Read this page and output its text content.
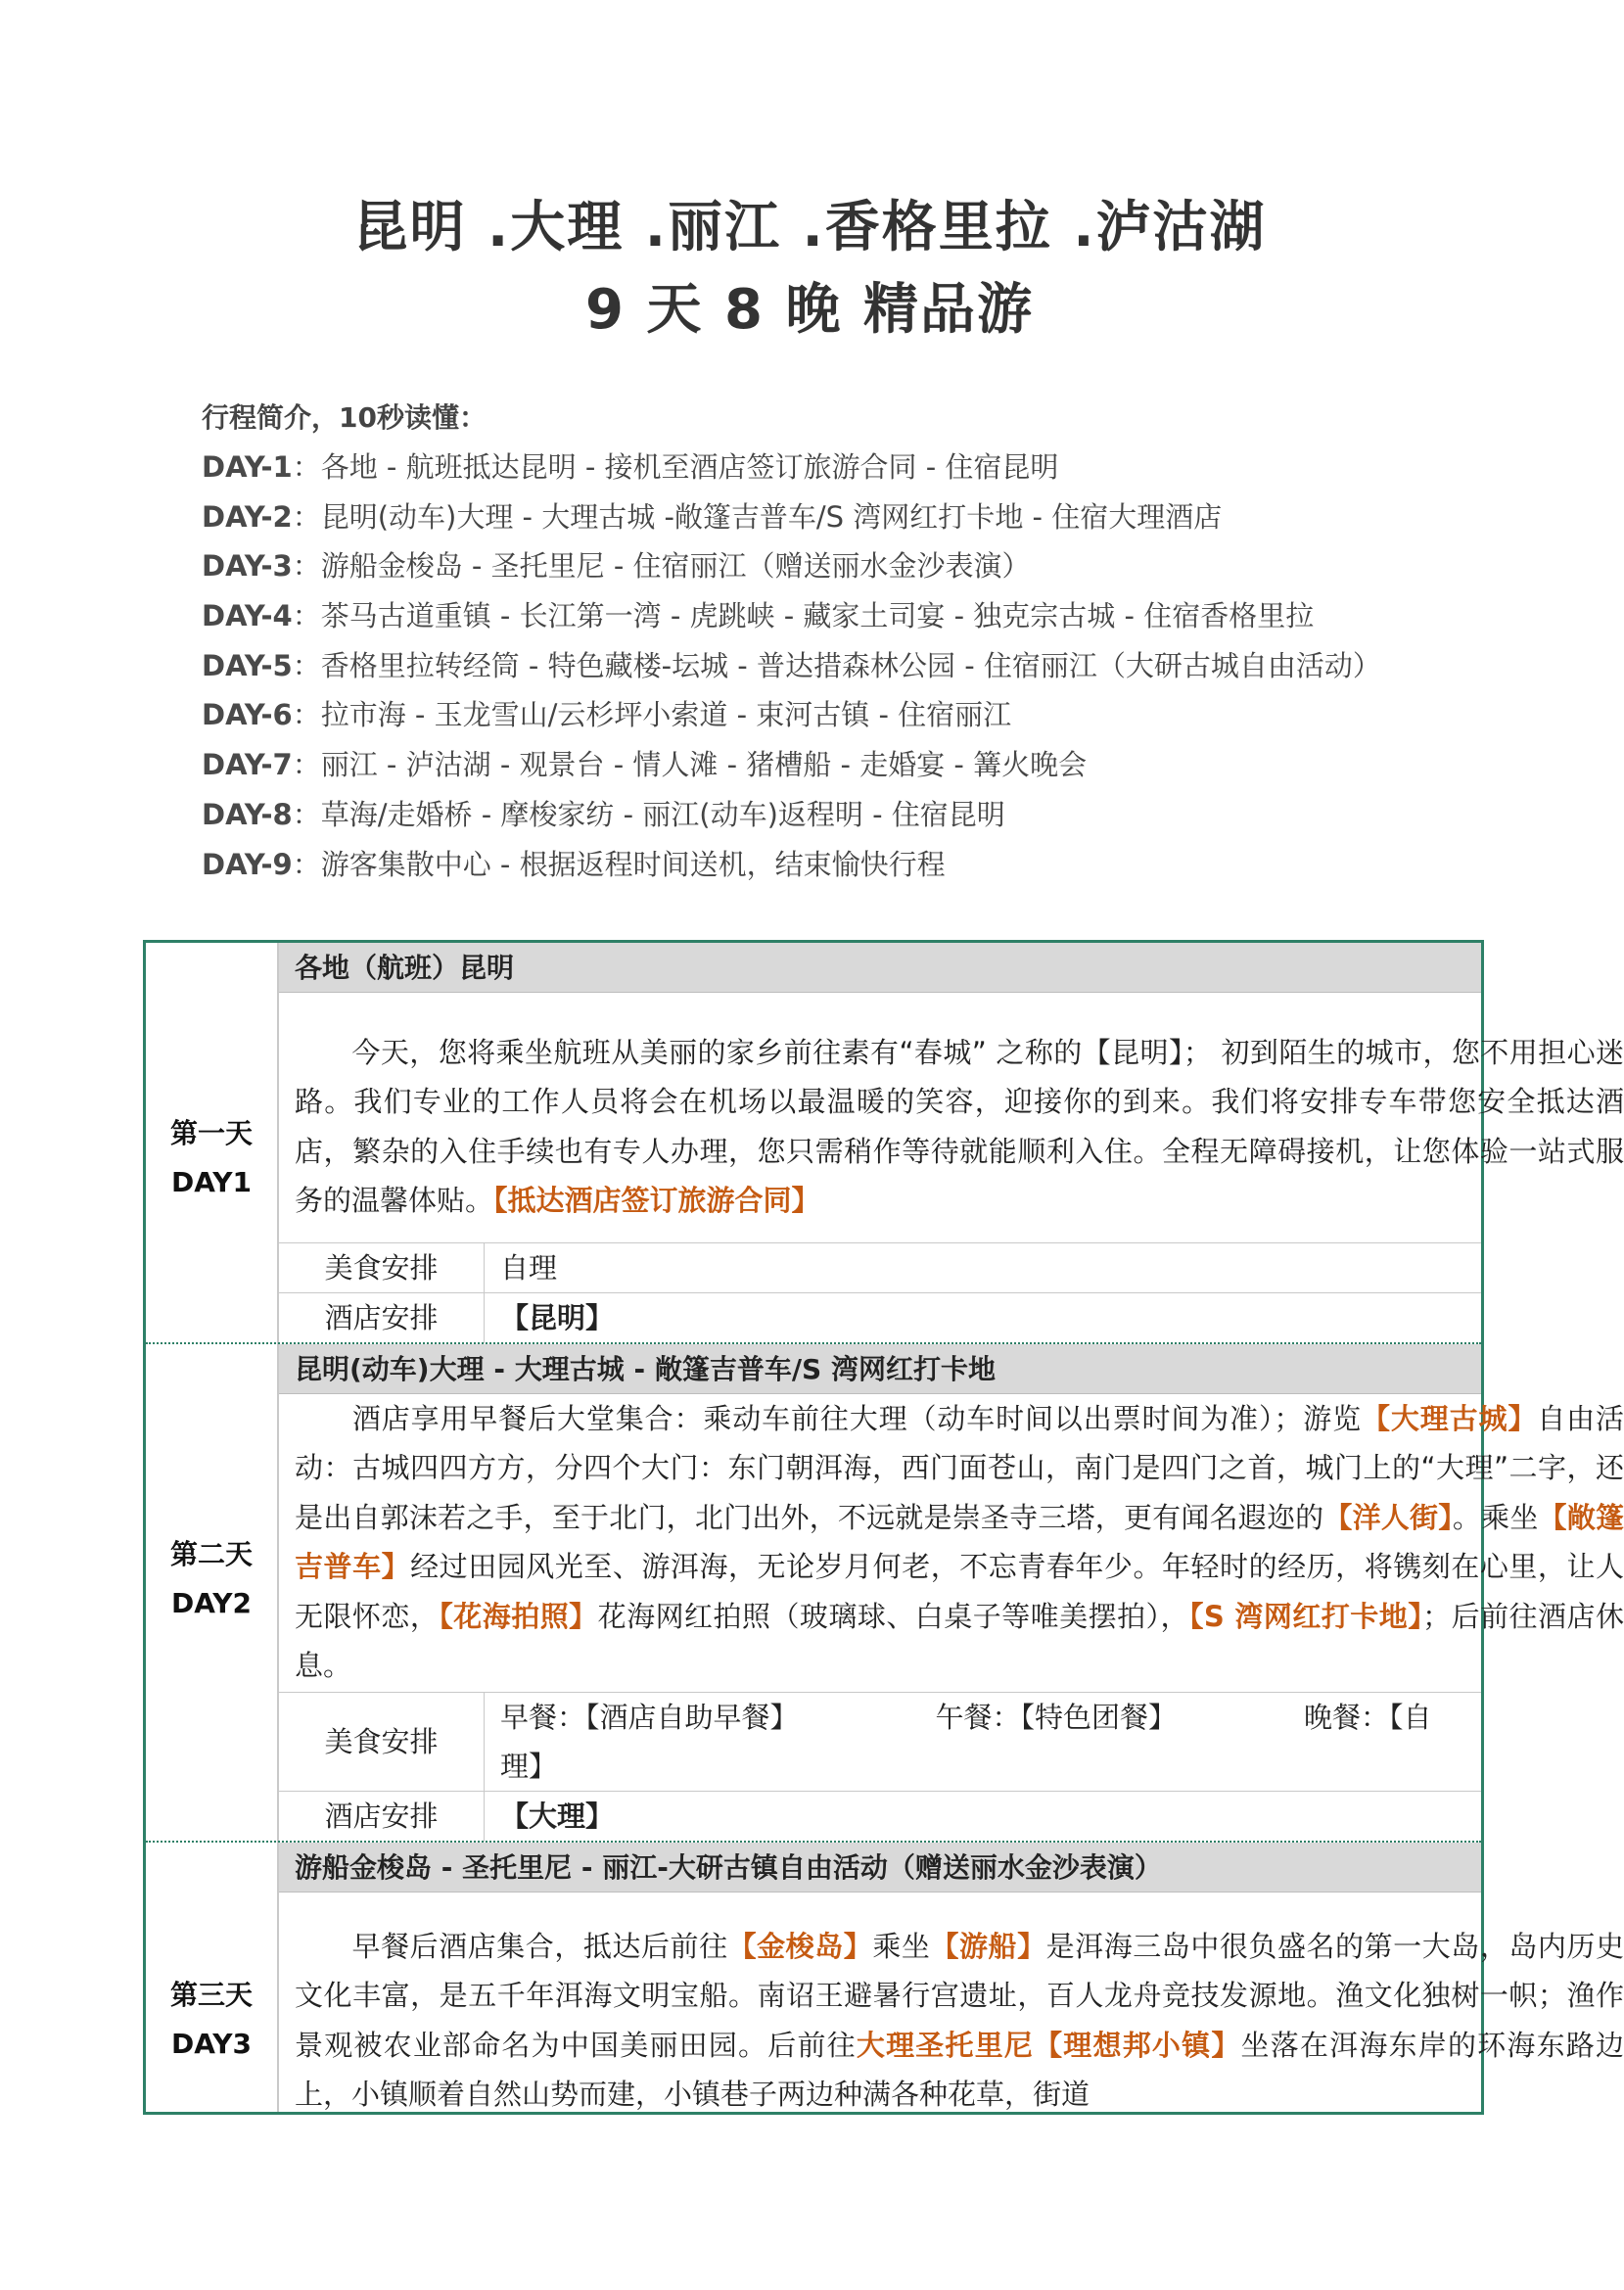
昆明 .大理 .丽江 .香格里拉 .泸沽湖
9 天 8 晚 精品游
行程简介，10秒读懂：
DAY-1：各地 - 航班抵达昆明 - 接机至酒店签订旅游合同 - 住宿昆明
DAY-2：昆明(动车)大理 - 大理古城 -敞篷吉普车/S 湾网红打卡地 - 住宿大理酒店
DAY-3：游船金梭岛 - 圣托里尼 - 住宿丽江（赠送丽水金沙表演）
DAY-4：茶马古道重镇 - 长江第一湾 - 虎跳峡 - 藏家土司宴 - 独克宗古城 - 住宿香格里拉
DAY-5：香格里拉转经筒 - 特色藏楼-坛城 - 普达措森林公园 - 住宿丽江（大研古城自由活动）
DAY-6：拉市海 - 玉龙雪山/云杉坪小索道 - 束河古镇 - 住宿丽江
DAY-7：丽江 - 泸沽湖 - 观景台 - 情人滩 - 猪槽船 - 走婚宴 - 篝火晚会
DAY-8：草海/走婚桥 - 摩梭家纺 - 丽江(动车)返程明 - 住宿昆明
DAY-9：游客集散中心 - 根据返程时间送机，结束愉快行程
第一天
DAY1
各地（航班）昆明
今天，您将乘坐航班从美丽的家乡前往素有“春城” 之称的【昆明】； 初到陌生的城市，您不用担心迷路。我们专业的工作人员将会在机场以最温暖的笑容，迎接你的到来。我们将安排专车带您安全抵达酒店，繁杂的入住手续也有专人办理，您只需稍作等待就能顺利入住。全程无障碍接机，让您体验一站式服务的温馨体贴。【抵达酒店签订旅游合同】
美食安排	自理
酒店安排	【昆明】
第二天
DAY2
昆明(动车)大理 - 大理古城 - 敞篷吉普车/S 湾网红打卡地
酒店享用早餐后大堂集合：乘动车前往大理（动车时间以出票时间为准）；游览【大理古城】自由活动：古城四四方方，分四个大门：东门朝洱海，西门面苍山，南门是四门之首，城门上的“大理”二字，还是出自郭沫若之手，至于北门，北门出外，不远就是崇圣寺三塔，更有闻名遐迩的【洋人街】。乘坐【敞篷吉普车】经过田园风光至、游洱海，无论岁月何老，不忘青春年少。年轻时的经历，将镌刻在心里，让人无限怀恋，【花海拍照】花海网红拍照（玻璃球、白桌子等唯美摆拍），【S 湾网红打卡地】；后前往酒店休息。
美食安排
早餐：【酒店自助早餐】	午餐：【特色团餐】	晚餐：【自理】
酒店安排	【大理】
第三天
DAY3
游船金梭岛 - 圣托里尼 - 丽江-大研古镇自由活动（赠送丽水金沙表演）
早餐后酒店集合，抵达后前往【金梭岛】乘坐【游船】是洱海三岛中很负盛名的第一大岛，岛内历史文化丰富，是五千年洱海文明宝船。南诏王避暑行宫遗址，百人龙舟竞技发源地。渔文化独树一帜；渔作景观被农业部命名为中国美丽田园。后前往大理圣托里尼【理想邦小镇】坐落在洱海东岸的环海东路边上，小镇顺着自然山势而建，小镇巷子两边种满各种花草，街道
